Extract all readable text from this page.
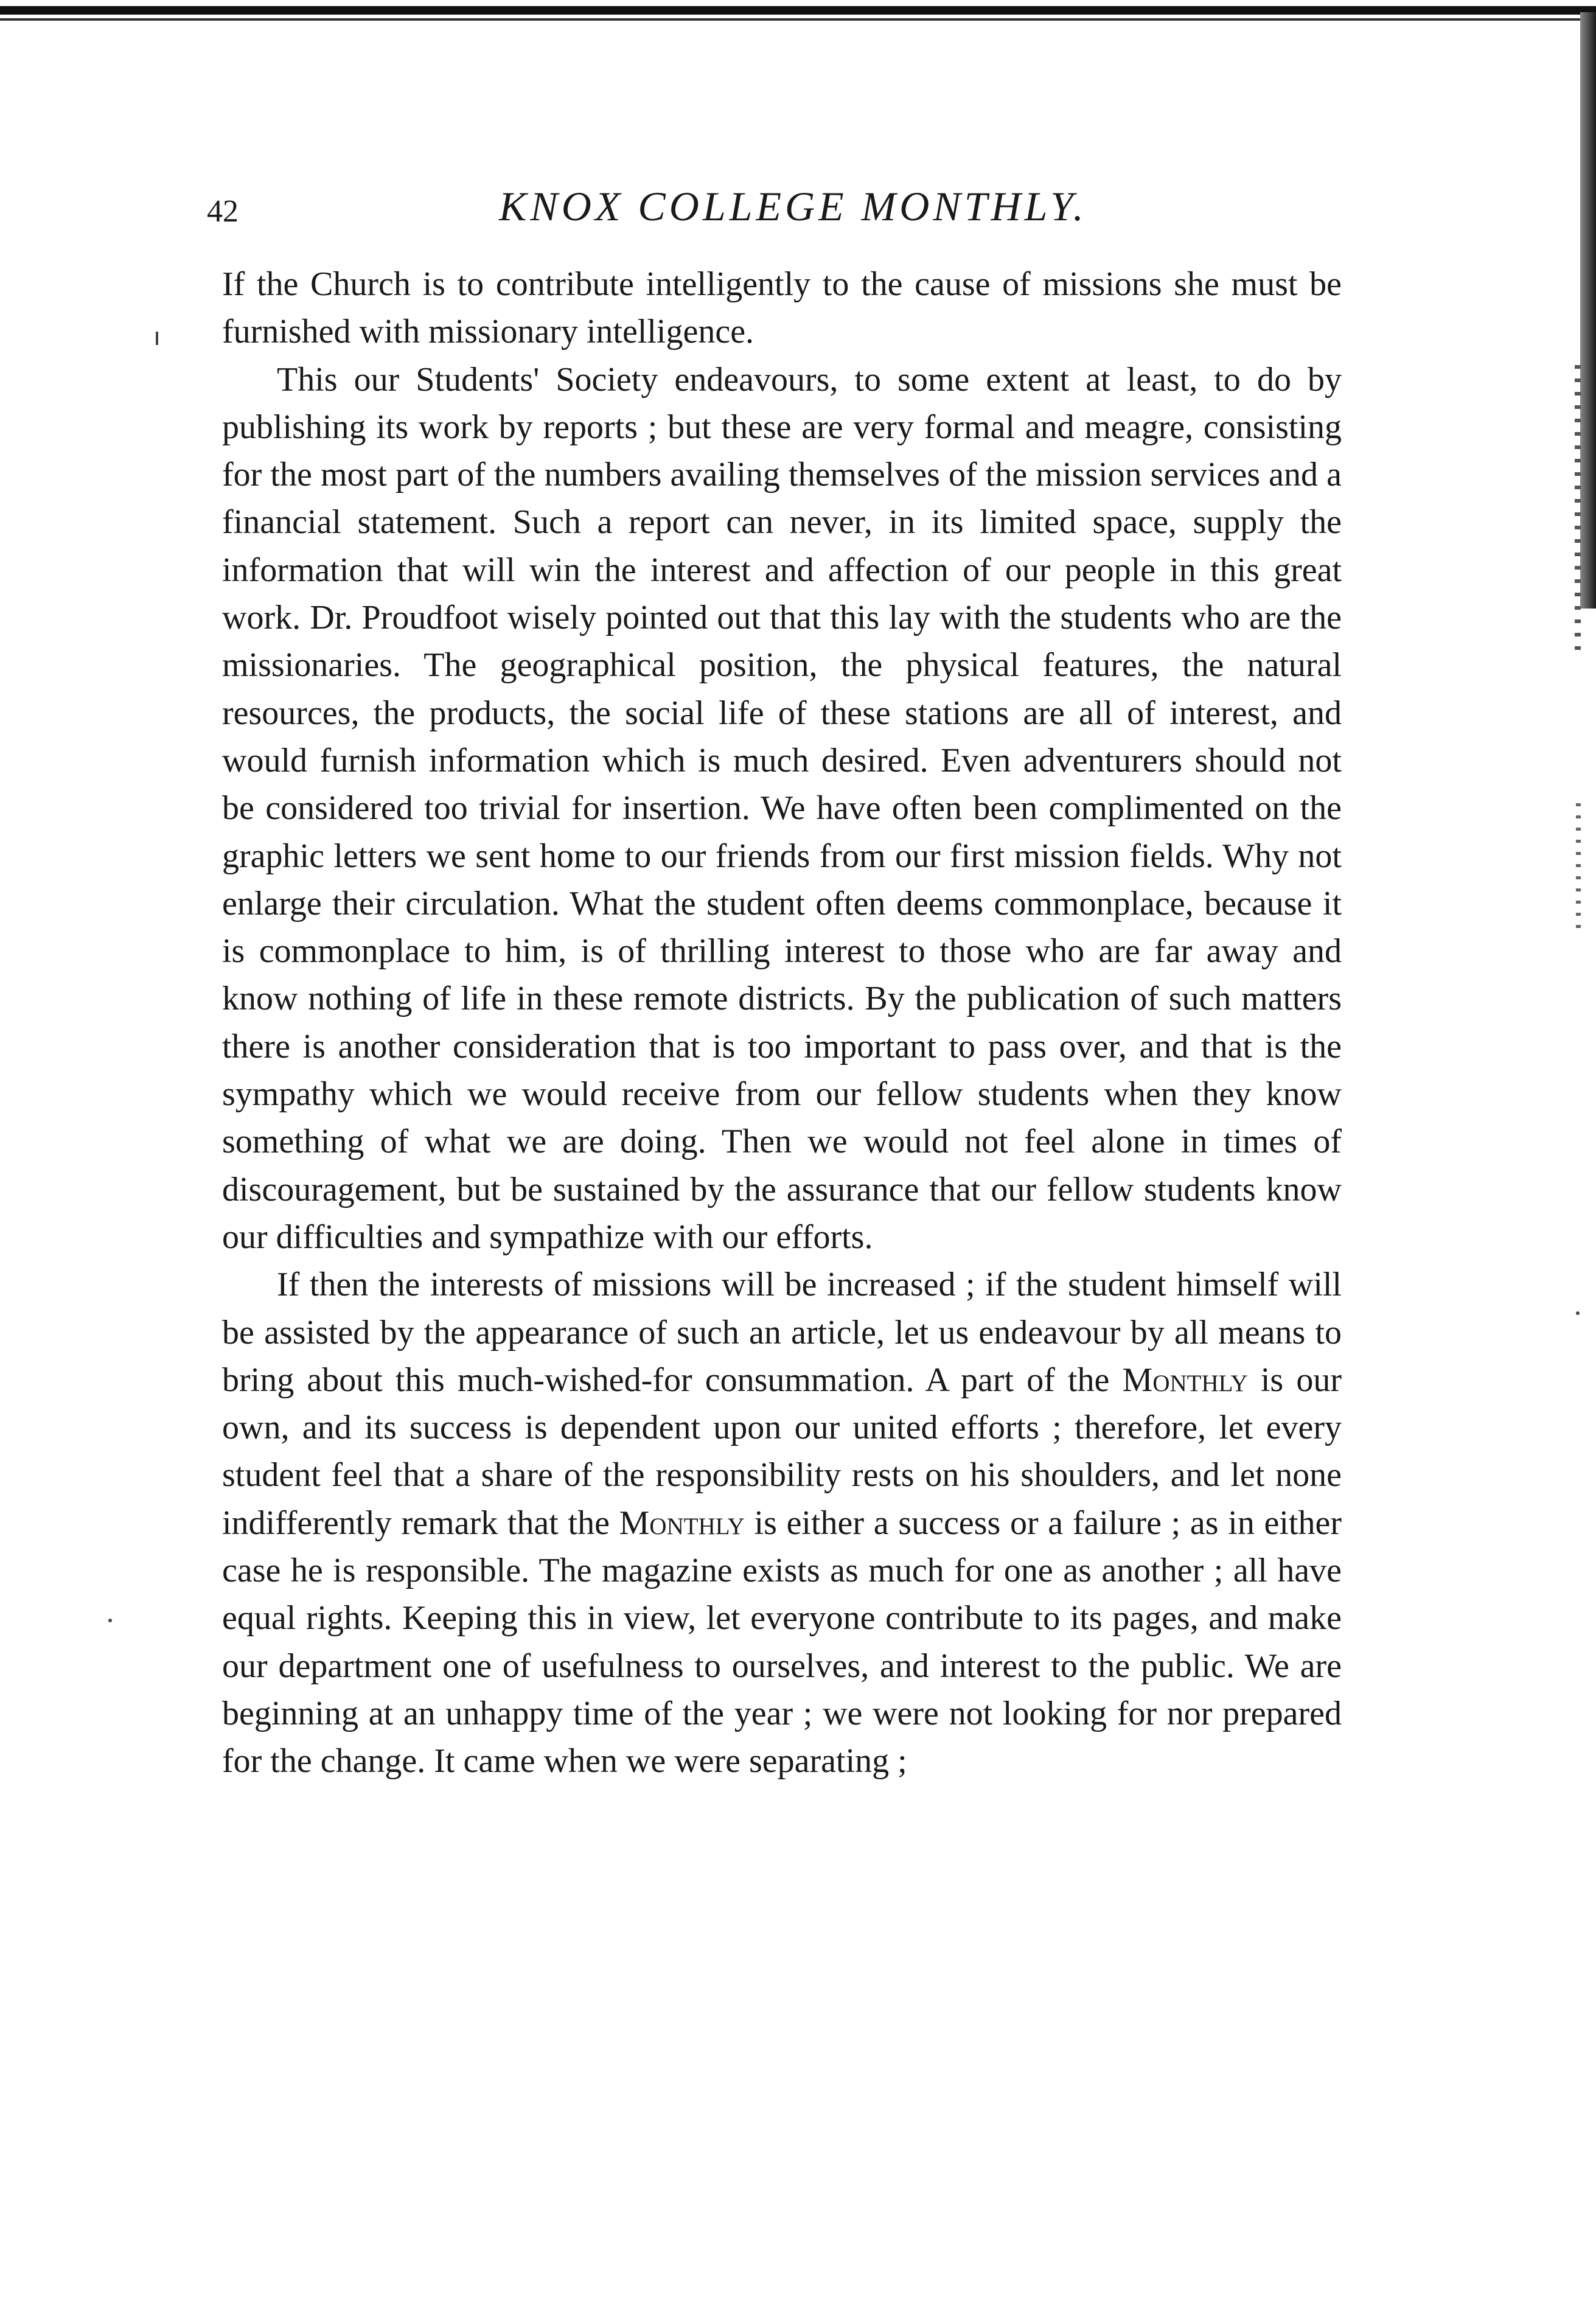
42	KNOX COLLEGE MONTHLY.

If the Church is to contribute intelligently to the cause of missions she must be furnished with missionary intelligence.

This our Students' Society endeavours, to some extent at least, to do by publishing its work by reports ; but these are very formal and meagre, consisting for the most part of the numbers availing themselves of the mission services and a financial statement. Such a report can never, in its limited space, supply the information that will win the interest and affection of our people in this great work. Dr. Proudfoot wisely pointed out that this lay with the students who are the missionaries. The geographical position, the physical features, the natural resources, the products, the social life of these stations are all of interest, and would furnish information which is much desired. Even adventurers should not be considered too trivial for insertion. We have often been complimented on the graphic letters we sent home to our friends from our first mission fields. Why not enlarge their circulation. What the student often deems commonplace, because it is commonplace to him, is of thrilling interest to those who are far away and know nothing of life in these remote districts. By the publication of such matters there is another consideration that is too important to pass over, and that is the sympathy which we would receive from our fellow students when they know something of what we are doing. Then we would not feel alone in times of discouragement, but be sustained by the assurance that our fellow students know our difficulties and sympathize with our efforts.

If then the interests of missions will be increased ; if the student himself will be assisted by the appearance of such an article, let us endeavour by all means to bring about this much-wished-for consummation. A part of the Monthly is our own, and its success is dependent upon our united efforts ; therefore, let every student feel that a share of the responsibility rests on his shoulders, and let none indifferently remark that the Monthly is either a success or a failure ; as in either case he is responsible. The magazine exists as much for one as another ; all have equal rights. Keeping this in view, let everyone contribute to its pages, and make our department one of usefulness to ourselves, and interest to the public. We are beginning at an unhappy time of the year ; we were not looking for nor prepared for the change. It came when we were separating ;
